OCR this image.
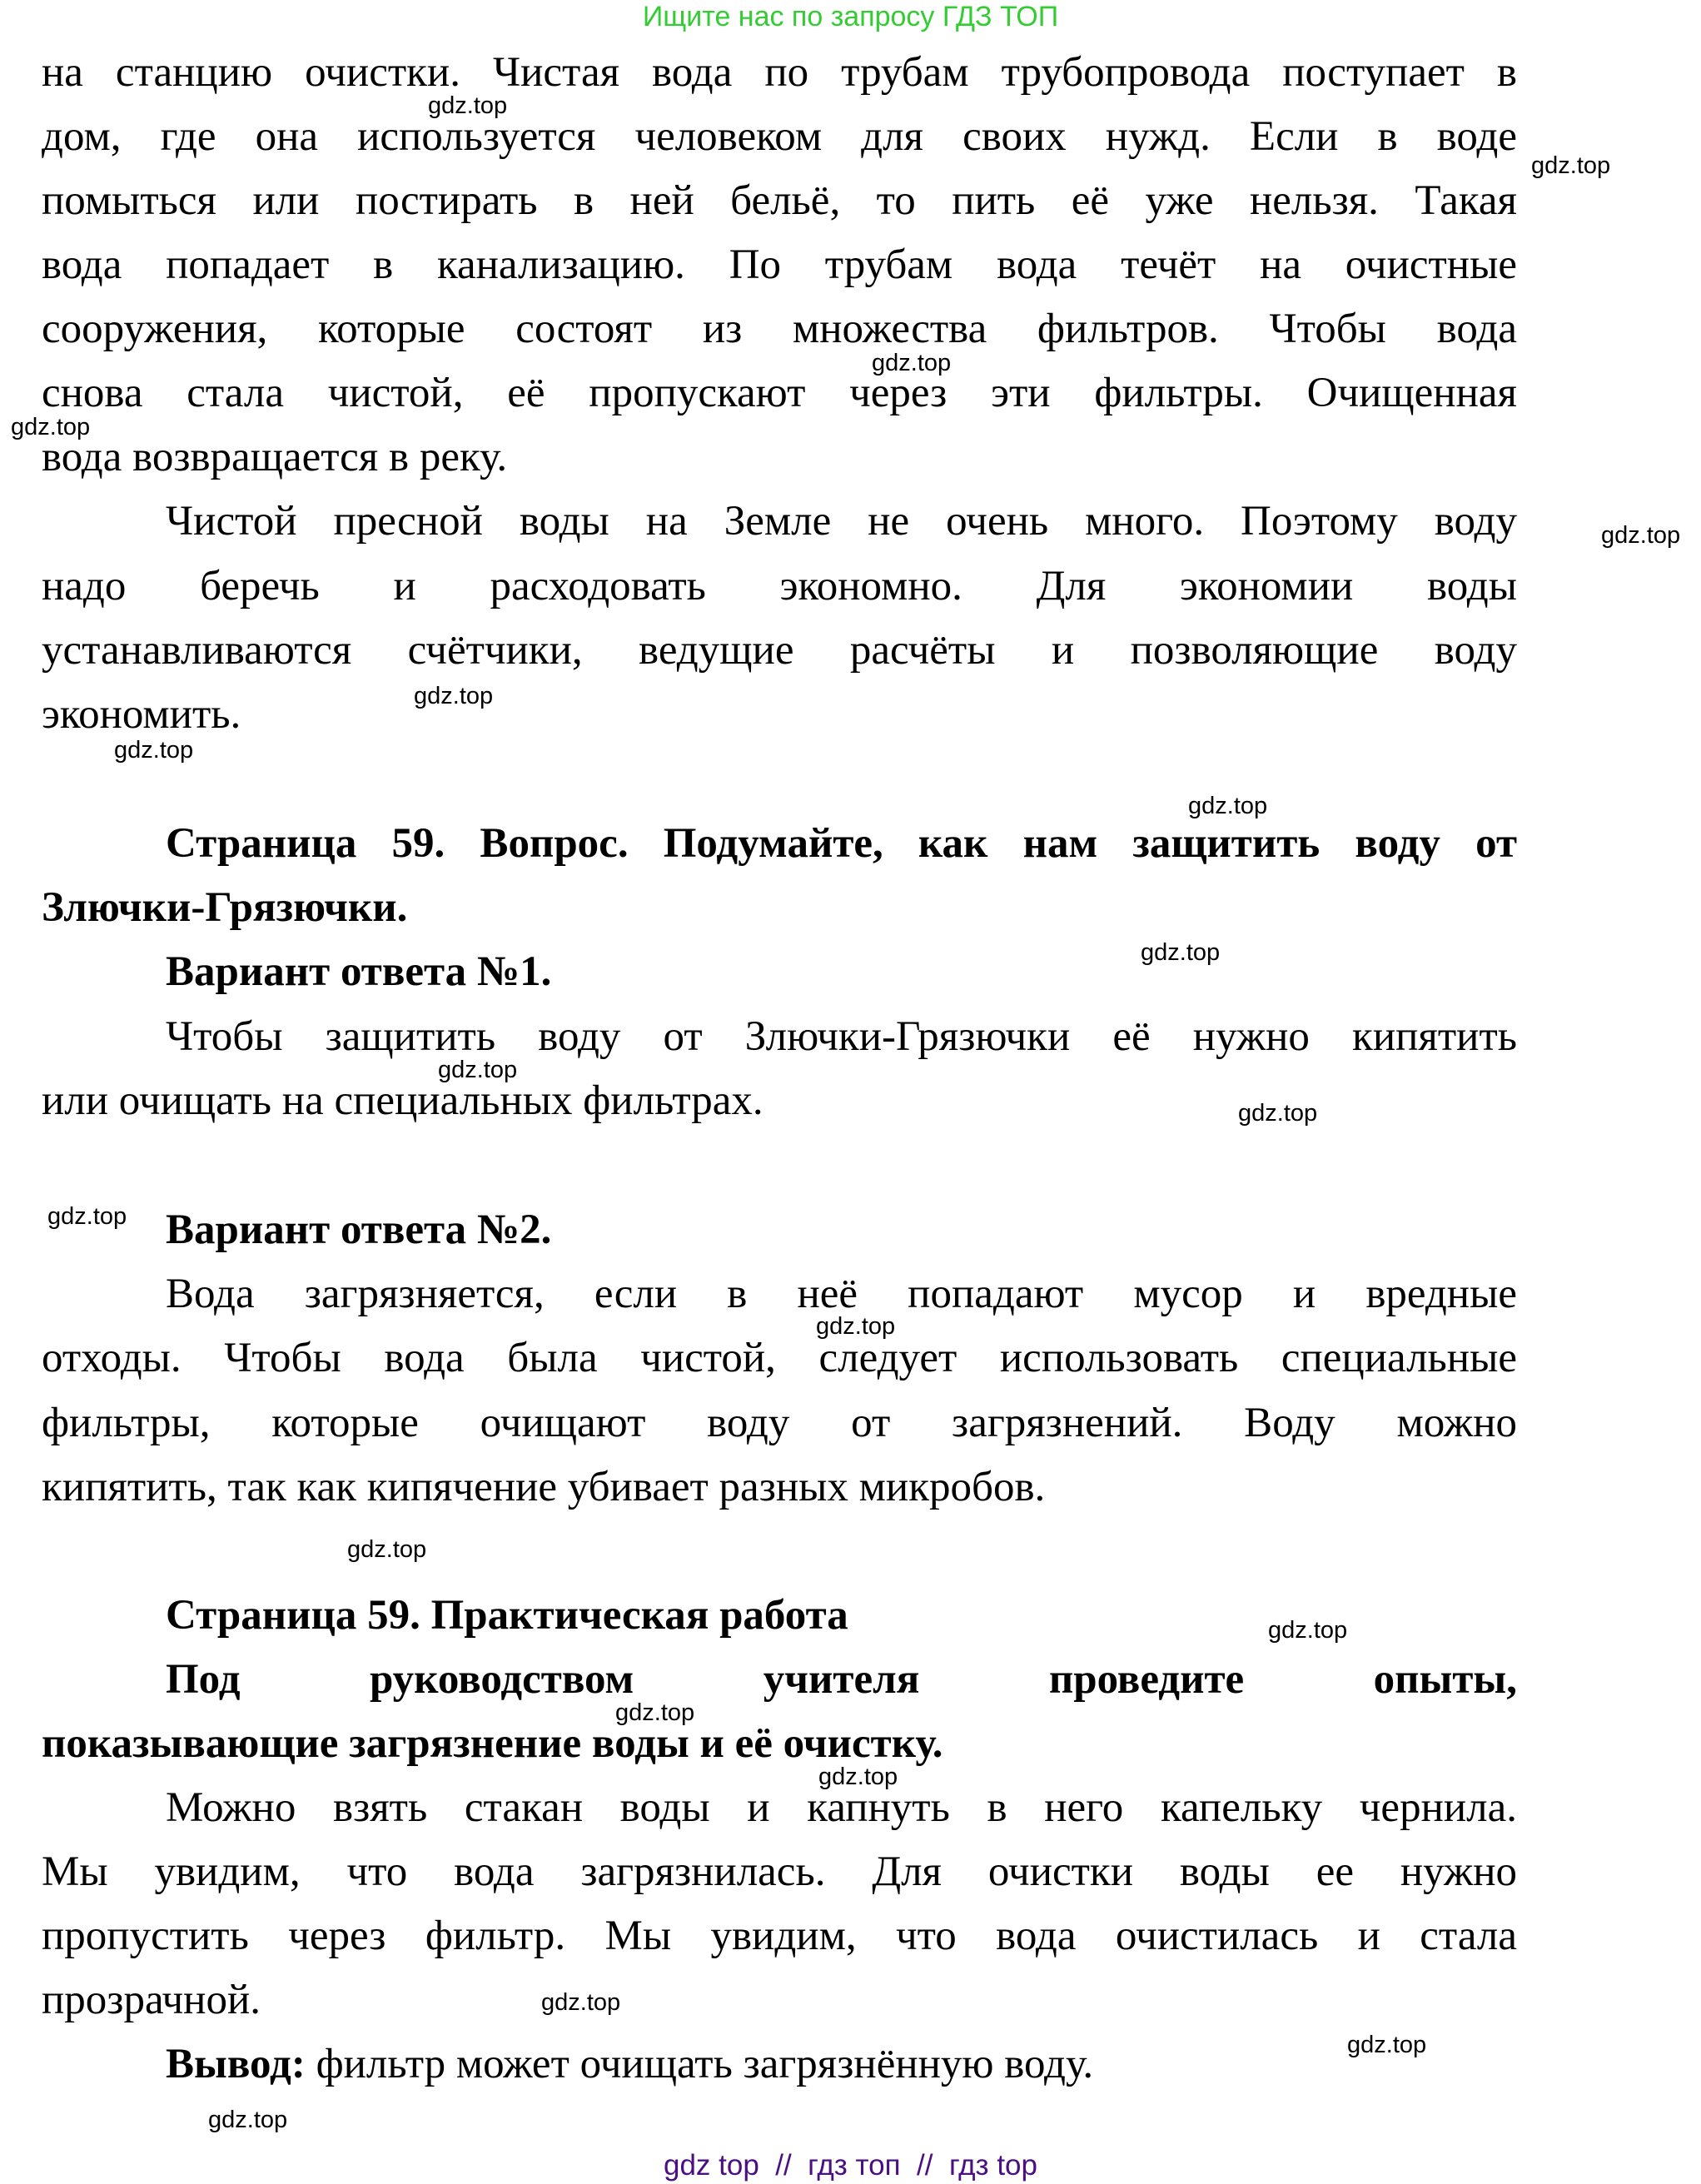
Ищите нас по запросу ГДЗ ТОП
на станцию очистки. Чистая вода по трубам трубопровода поступает в
дом, где она используется человеком для своих нужд. Если в воде
помыться или постирать в ней бельё, то пить её уже нельзя. Такая
вода попадает в канализацию. По трубам вода течёт на очистные
сооружения, которые состоят из множества фильтров. Чтобы вода
снова стала чистой, её пропускают через эти фильтры. Очищенная
вода возвращается в реку.
Чистой пресной воды на Земле не очень много. Поэтому воду
надо беречь и расходовать экономно. Для экономии воды
устанавливаются счётчики, ведущие расчёты и позволяющие воду
экономить.
Страница 59. Вопрос. Подумайте, как нам защитить воду от
Злючки-Грязючки.
Вариант ответа №1.
Чтобы защитить воду от Злючки-Грязючки её нужно кипятить
или очищать на специальных фильтрах.
Вариант ответа №2.
Вода загрязняется, если в неё попадают мусор и вредные
отходы. Чтобы вода была чистой, следует использовать специальные
фильтры, которые очищают воду от загрязнений. Воду можно
кипятить, так как кипячение убивает разных микробов.
Страница 59. Практическая работа
Под руководством учителя проведите опыты,
показывающие загрязнение воды и её очистку.
Можно взять стакан воды и капнуть в него капельку чернила.
Мы увидим, что вода загрязнилась. Для очистки воды ее нужно
пропустить через фильтр. Мы увидим, что вода очистилась и стала
прозрачной.
Вывод: фильтр может очищать загрязнённую воду.
gdz.top
gdz.top
gdz.top
gdz.top
gdz.top
gdz.top
gdz.top
gdz.top
gdz.top
gdz.top
gdz.top
gdz.top
gdz.top
gdz.top
gdz.top
gdz.top
gdz.top
gdz.top
gdz.top
gdz.top
gdz top  //  гдз топ  //  гдз top
